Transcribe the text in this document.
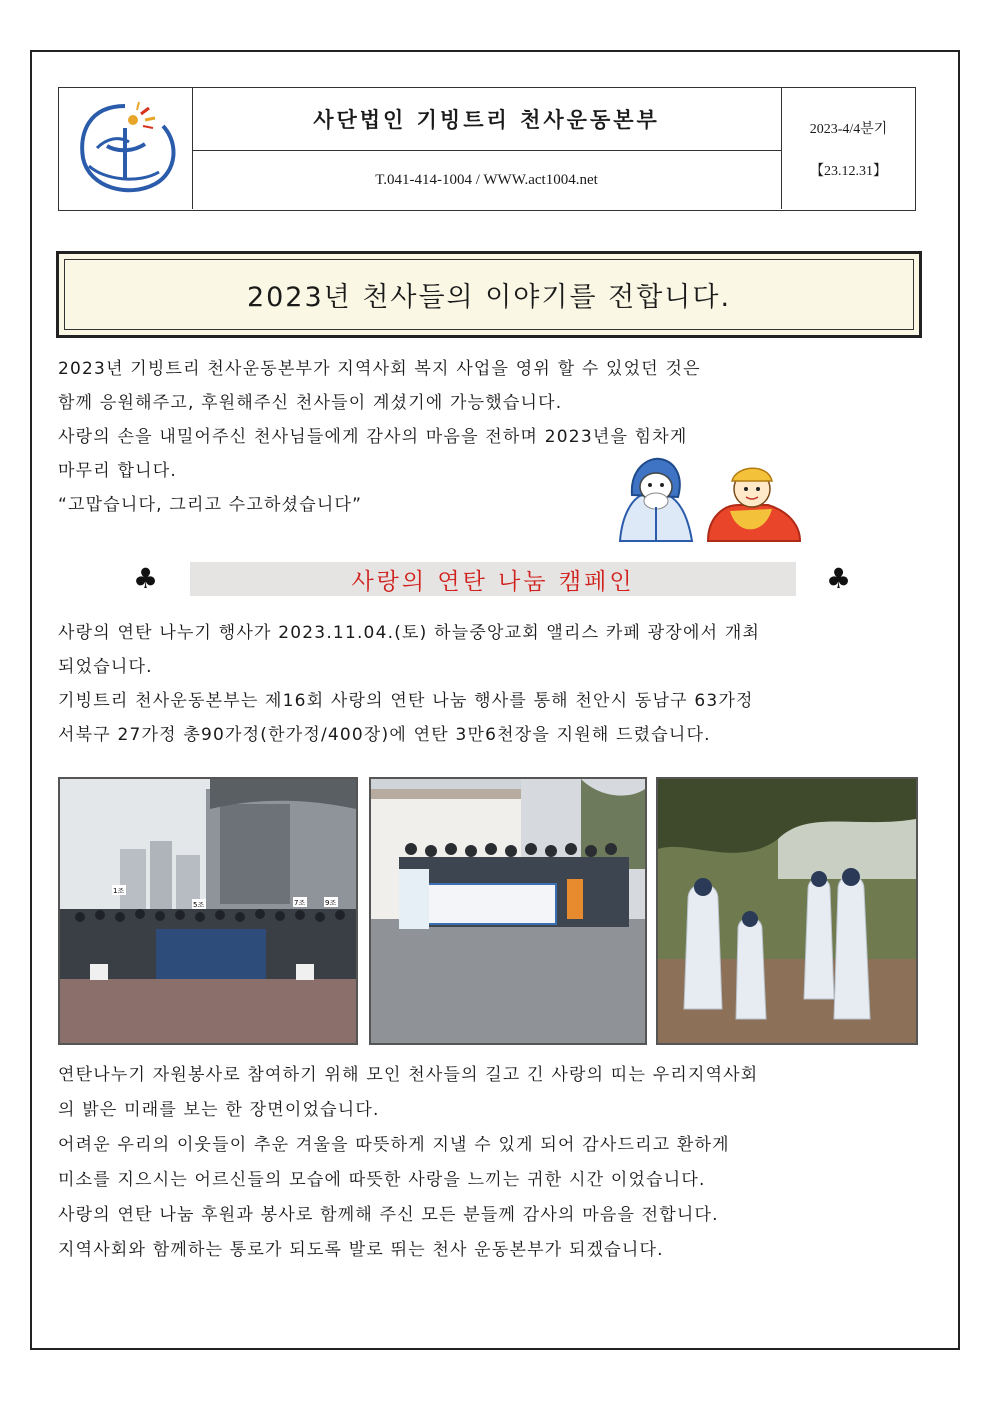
사단법인 기빙트리 천사운동본부
T.041-414-1004 / WWW.act1004.net
2023-4/4분기
【23.12.31】
2023년 천사들의 이야기를 전합니다.
2023년 기빙트리 천사운동본부가 지역사회 복지 사업을 영위 할 수 있었던 것은
함께 응원해주고, 후원해주신 천사들이 계셨기에 가능했습니다.
사랑의 손을 내밀어주신 천사님들에게 감사의 마음을 전하며 2023년을 힘차게
마무리 합니다.
“고맙습니다, 그리고 수고하셨습니다”
♣	사랑의 연탄 나눔 캠페인	♣
사랑의 연탄 나누기 행사가 2023.11.04.(토) 하늘중앙교회 앨리스 카페 광장에서 개최
되었습니다.
기빙트리 천사운동본부는 제16회 사랑의 연탄 나눔 행사를 통해 천안시 동남구 63가정
서북구 27가정 총90가정(한가정/400장)에 연탄 3만6천장을 지원해 드렸습니다.
1조
5조	7조	9조
연탄나누기 자원봉사로 참여하기 위해 모인 천사들의 길고 긴 사랑의 띠는 우리지역사회
의 밝은 미래를 보는 한 장면이었습니다.
어려운 우리의 이웃들이 추운 겨울을 따뜻하게 지낼 수 있게 되어 감사드리고 환하게
미소를 지으시는 어르신들의 모습에 따뜻한 사랑을 느끼는 귀한 시간 이었습니다.
사랑의 연탄 나눔 후원과 봉사로 함께해 주신 모든 분들께 감사의 마음을 전합니다.
지역사회와 함께하는 통로가 되도록 발로 뛰는 천사 운동본부가 되겠습니다.
